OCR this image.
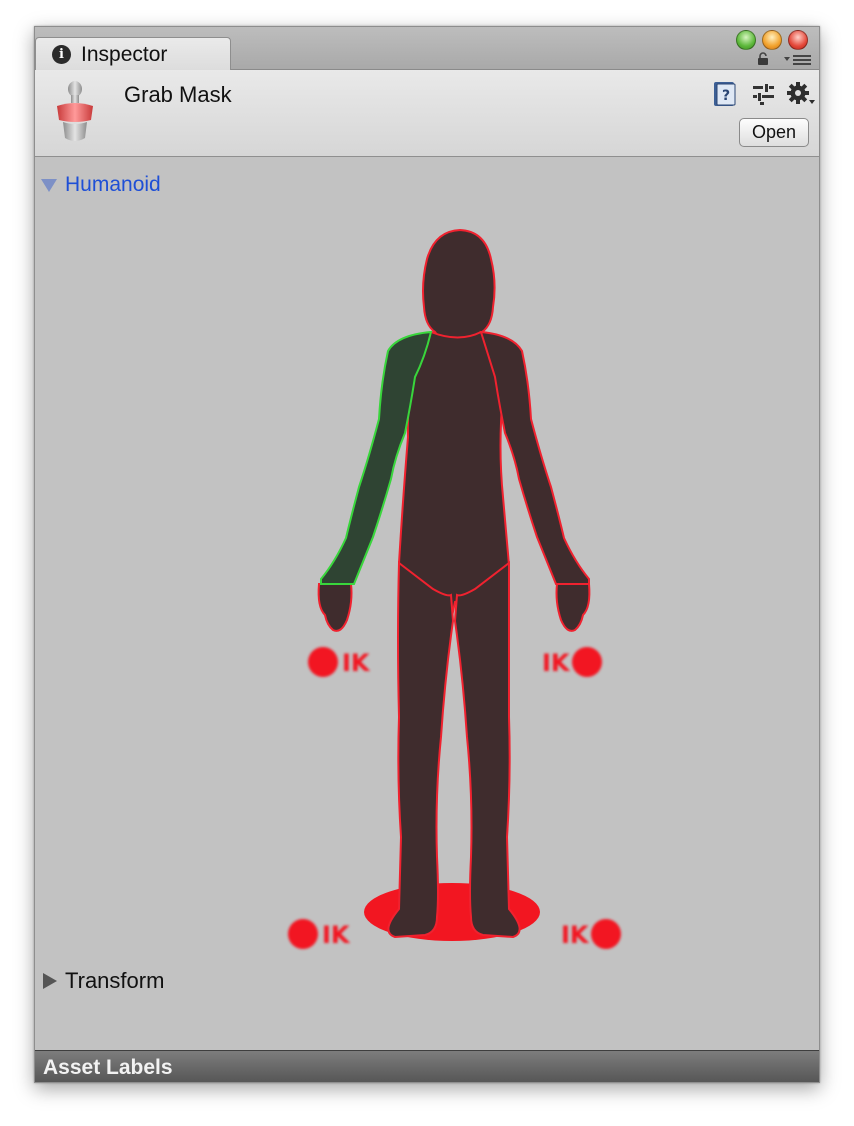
i Inspector
Grab Mask	?
Open
Humanoid
IK	IK
IK	IK
Transform
Asset Labels
